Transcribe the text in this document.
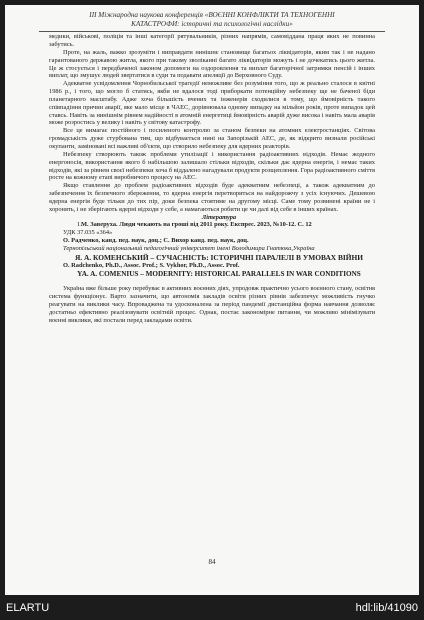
ІІІ Міжнародна наукова конференція «ВОЄННІ КОНФЛІКТИ ТА ТЕХНОГЕННІ
КАТАСТРОФИ: історичні та психологічні наслідки»

медики, військові, поліція та інші категорії рятувальників, різних напрямів, самовіддана праця яких не повинна забутись.

Проте, на жаль, важко зрозуміти і виправдати нинішнє становище багатьох ліквідаторів, яким так і не надано гарантованого державою житла, якого при такому зволіканні багато ліквідаторів можуть і не дочекатись цього житла. Це ж стосується і передбаченої законом допомоги на оздоровлення та виплат багаторічної затримки пенсій і інших виплат, що змушує людей звертатися в суди та подавати апеляції до Верховного Суду.

Адекватне усвідомлення Чорнобильської трагедії неможливе без розуміння того, що ж реально сталося в квітні 1986 р., і того, що могло б статись, якби не вдалося тоді приборкати потенційну небезпеку ще не баченої біди планетарного масштабу. Адже хоча більшість вчених та інженерів сходилися в тому, що ймовірність такого співпадіння причин аварії, яке мало місце в ЧАЕС, дорівнювала одному випадку на мільйон років, проте випадок цей ставсь. Навіть за нинішнім рівнем надійності в атомній енергетиці ймовірність аварій дуже висока і навіть мала аварія може розростись у велику і навіть у світову катастрофу.

Все це вимагає постійного і посиленого контролю за станом безпеки на атомних електростанціях. Світова громадськість дуже стурбована тим, що відбувається нині на Запорізькій АЕС, де, як відкрито визнали російські окупанти, заміновані всі важливі об'єкти, що створило небезпеку для ядерних реакторів.

Небезпеку створюють також проблеми утилізації і використання радіоактивних відходів. Немає жодного енергоносія, використання якого б набільшою залишало стільки відходів, скільки дає ядерна енергія, і немає таких відходів, які за рівнем своєї небезпеки хоча б віддалено нагадували продукти розщеплення. Гора радіоактивного сміття росте на кожному етапі виробничого процесу на АЕС.

Якщо ставлення до проблем радіоактивних відходів буде адекватним небезпеці, а також адекватним до забезпечення їх безпечного збереження, то ядерна енергія перетвориться на найдорожчу з усіх існуючих. Дешевою ядерна енергія буде тільки до тих пір, доки безпека стоятиме на другому місці. Саме тому розвинені країни не і хоронять, і не зберігають ядерні відходи у себе, а намагаються робити це чи далі від себе в інших країнах.

Література

1.М. Заверуха. Люди чекають на гроші від 2011 року. Експрес. 2023, №10-12. С. 12

УДК 37.035 «364»

О. Радченко, канд. пед. наук, доц.; С. Вихор канд. пед. наук, доц.

Тернопільський національний педагогічний університет імені Володимира Гнатюка,Україна

Я. А. КОМЕНСЬКИЙ – СУЧАСНІСТЬ: ІСТОРИЧНІ ПАРАЛЕЛІ В УМОВАХ ВІЙНИ

O. Radchenko, Ph.D., Assoc. Prof.; S. Vykhor, Ph.D., Assoc. Prof.

YA. A. COMENIUS – MODERNITY: HISTORICAL PARALLELS IN WAR CONDITIONS

Україна вже більше року перебуває в активних воєнних діях, упродовж практично усього воєнного стану, освітня система функціонує. Варто зазначити, що автономія закладів освіти різних рівнів забезпечує можливість гнучко реагувати на виклики часу. Впроваджена та удосконалена за період пандемії дистанційна форма навчання дозволяє достатньо ефективно реалізовувати освітній процес. Однак, постає закономірне питання, чи можливо мінімізувати воєнні виклики, які постали перед закладами освіти.

84
ELARTU	hdl:lib/41090
